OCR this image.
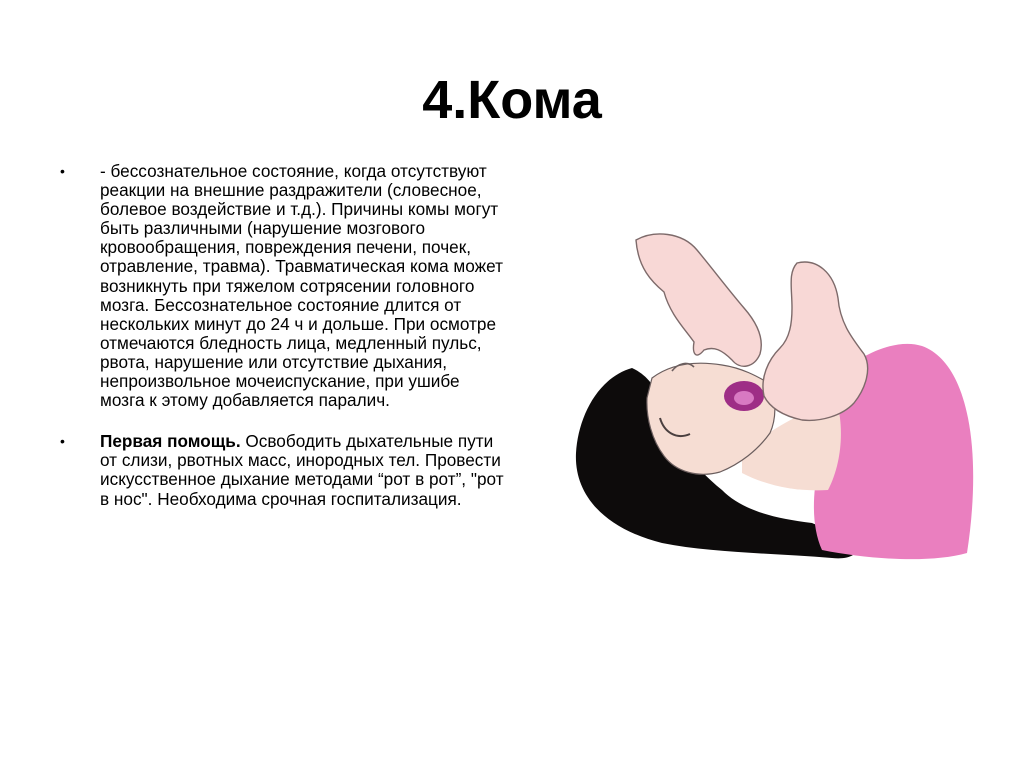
4.Кома
• - бессознательное состояние, когда отсутствуют реакции на внешние раздражители (словесное, болевое воздействие и т.д.). Причины комы могут быть различными (нарушение мозгового кровообращения, повреждения печени, почек, отравление, травма). Травматическая кома может возникнуть при тяжелом сотрясении головного мозга. Бессознательное состояние длится от нескольких минут до 24 ч и дольше. При осмотре отмечаются бледность лица, медленный пульс, рвота, нарушение или отсутствие дыхания, непроизвольное мочеиспускание, при ушибе мозга к этому добавляется паралич.
• Первая помощь. Освободить дыхательные пути от слизи, рвотных масс, инородных тел. Провести искусственное дыхание методами “рот в рот”, "рот в нос". Необходима срочная госпитализация.
